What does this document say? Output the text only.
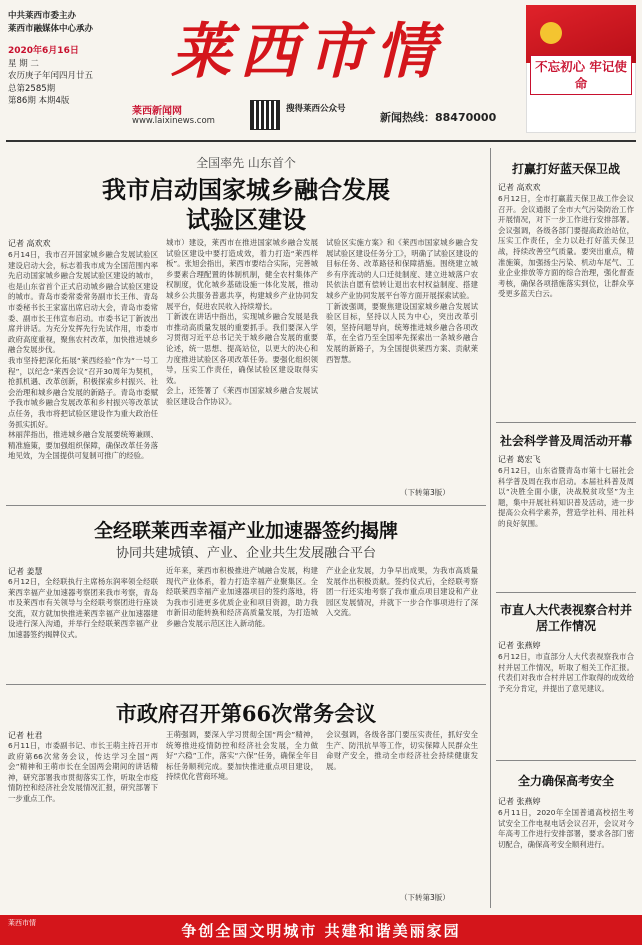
中共莱西市委主办
莱西市融媒体中心承办
2020年6月16日
星 期 二
农历庚子年闰四月廿五
总第2585期
第86期 本期4版
莱西市情	不忘初心 牢记使命
莱西新闻网
www.laixinews.com
搜得莱西公众号
新闻热线：88470000
全国率先 山东首个
我市启动国家城乡融合发展
试验区建设
记者 高欢欢

6月14日，我市召开国家城乡融合发展试验区建设启动大会，标志着我市成为全国范围内率先启动国家城乡融合发展试验区建设的城市，也是山东省首个正式启动城乡融合试验区建设的城市。青岛市委常委常务副市长王伟、青岛市委秘书长王家富出席启动大会，青岛市委常委、副市长王伟宣布启动。市委书记丁新波出席并讲话。为充分发挥先行先试作用，市委市政府高度重视，聚焦农村改革，加快推进城乡融合发展步伐。

我市坚持把深化拓展“莱西经验”作为“一号工程”，以纪念“莱西会议”召开30周年为契机，抢抓机遇、改革创新，积极探索乡村振兴、社会治理和城乡融合发展的新路子。青岛市委赋予我市城乡融合发展改革和乡村振兴等改革试点任务，我市将把试验区建设作为重大政治任务抓实抓好。

林丽萍指出，推进城乡融合发展要统筹兼顾、精准施策，要加强组织保障，确保改革任务落地见效，为全国提供可复制可推广的经验。

城市）建设，莱西市在推进国家城乡融合发展试验区建设中要打造成效，着力打造“莱西样板”。张旭会指出，莱西市要结合实际，完善城乡要素合理配置的体制机制，健全农村集体产权制度，优化城乡基础设施一体化发展，推动城乡公共服务普惠共享，构建城乡产业协同发展平台，促进农民收入持续增长。

丁新波在讲话中指出，实现城乡融合发展是我市推动高质量发展的重要抓手。我们要深入学习贯彻习近平总书记关于城乡融合发展的重要论述，统一思想、提高站位，以更大的决心和力度推进试验区各项改革任务。要强化组织领导，压实工作责任，确保试验区建设取得实效。

会上，还签署了《莱西市国家城乡融合发展试验区建设合作协议》。

试验区实施方案》和《莱西市国家城乡融合发展试验区建设任务分工》，明确了试验区建设的目标任务、改革路径和保障措施。围绕建立城乡有序流动的人口迁徙制度、建立进城落户农民依法自愿有偿转让退出农村权益制度、搭建城乡产业协同发展平台等方面开展探索试验。

丁新波强调，要聚焦建设国家城乡融合发展试验区目标，坚持以人民为中心，突出改革引领，坚持问题导向，统筹推进城乡融合各项改革，在全省乃至全国率先探索出一条城乡融合发展的新路子，为全国提供莱西方案、贡献莱西智慧。

（下转第3版）
全经联莱西幸福产业加速器签约揭牌
协同共建城镇、产业、企业共生发展融合平台
记者 姜慧

6月12日，全经联执行主席杨东润率领全经联莱西幸福产业加速器考察团来我市考察，青岛市及莱西市有关领导与全经联考察团进行座谈交流，双方就加快推进莱西幸福产业加速器建设进行深入沟通，并举行全经联莱西幸福产业加速器签约揭牌仪式。

近年来，莱西市积极推进产城融合发展，构建现代产业体系，着力打造幸福产业聚集区。全经联莱西幸福产业加速器项目的签约落地，将为我市引进更多优质企业和项目资源，助力我市新旧动能转换和经济高质量发展，为打造城乡融合发展示范区注入新动能。

产业企业发展，力争早出成果，为我市高质量发展作出积极贡献。签约仪式后，全经联考察团一行还实地考察了我市重点项目建设和产业园区发展情况，并就下一步合作事项进行了深入交流。

市政府召开第66次常务会议
记者 杜君

6月11日，市委副书记、市长王萌主持召开市政府第66次常务会议，传达学习全国“两会”精神和王萌市长在全国两会期间的讲话精神，研究部署我市贯彻落实工作，听取全市疫情防控和经济社会发展情况汇报，研究部署下一步重点工作。

王萌强调，要深入学习贯彻全国“两会”精神，统筹推进疫情防控和经济社会发展，全力做好“六稳”工作，落实“六保”任务，确保全年目标任务顺利完成。要加快推进重点项目建设，持续优化营商环境。

会议强调，各级各部门要压实责任，抓好安全生产、防汛抗旱等工作，切实保障人民群众生命财产安全，推动全市经济社会持续健康发展。

（下转第3版）
打赢打好蓝天保卫战
记者 高欢欢

6月12日，全市打赢蓝天保卫战工作会议召开。会议通报了全市大气污染防治工作开展情况，对下一步工作进行安排部署。会议强调，各级各部门要提高政治站位，压实工作责任，全力以赴打好蓝天保卫战，持续改善空气质量。要突出重点，精准施策，加强扬尘污染、机动车尾气、工业企业排放等方面的综合治理，强化督查考核，确保各项措施落实到位，让群众享受更多蓝天白云。

社会科学普及周活动开幕
记者 葛宏飞

6月12日，山东省暨青岛市第十七届社会科学普及周在我市启动。本届社科普及周以“决胜全面小康，决战脱贫攻坚”为主题，集中开展社科知识普及活动，进一步提高公众科学素养，营造学社科、用社科的良好氛围。

市直人大代表视察合村并居工作情况
记者 张燕婷

6月12日，市直部分人大代表视察我市合村并居工作情况，听取了相关工作汇报。代表们对我市合村并居工作取得的成效给予充分肯定，并提出了意见建议。

全力确保高考安全
记者 张燕婷

6月11日，2020年全国普通高校招生考试安全工作电视电话会议召开，会议对今年高考工作进行安排部署，要求各部门密切配合，确保高考安全顺利进行。

争创全国文明城市 共建和谐美丽家园
莱西市情
